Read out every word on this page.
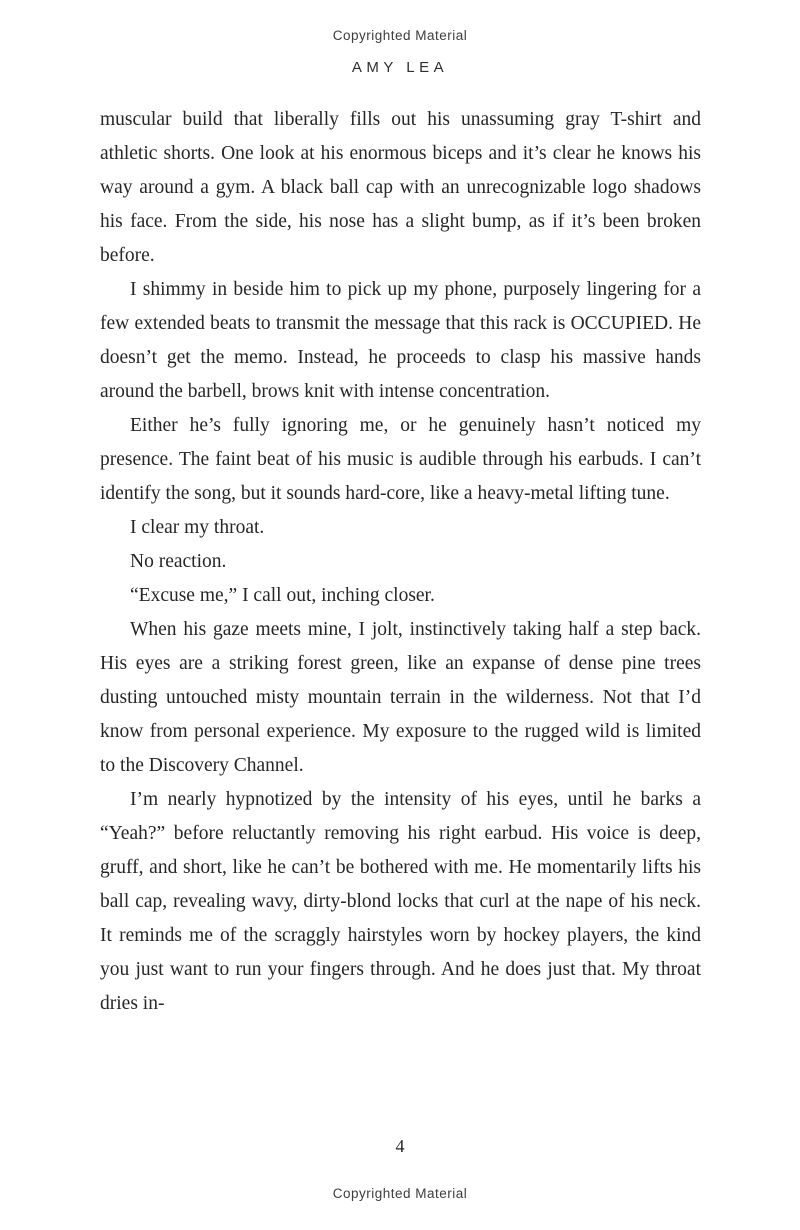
Copyrighted Material
AMY LEA

muscular build that liberally fills out his unassuming gray T-shirt and athletic shorts. One look at his enormous biceps and it’s clear he knows his way around a gym. A black ball cap with an unrecognizable logo shadows his face. From the side, his nose has a slight bump, as if it’s been broken before.

I shimmy in beside him to pick up my phone, purposely lingering for a few extended beats to transmit the message that this rack is OCCUPIED. He doesn’t get the memo. Instead, he proceeds to clasp his massive hands around the barbell, brows knit with intense concentration.

Either he’s fully ignoring me, or he genuinely hasn’t noticed my presence. The faint beat of his music is audible through his earbuds. I can’t identify the song, but it sounds hard-core, like a heavy-metal lifting tune.

I clear my throat.

No reaction.

“Excuse me,” I call out, inching closer.

When his gaze meets mine, I jolt, instinctively taking half a step back. His eyes are a striking forest green, like an expanse of dense pine trees dusting untouched misty mountain terrain in the wilderness. Not that I’d know from personal experience. My exposure to the rugged wild is limited to the Discovery Channel.

I’m nearly hypnotized by the intensity of his eyes, until he barks a “Yeah?” before reluctantly removing his right earbud. His voice is deep, gruff, and short, like he can’t be bothered with me. He momentarily lifts his ball cap, revealing wavy, dirty-blond locks that curl at the nape of his neck. It reminds me of the scraggly hairstyles worn by hockey players, the kind you just want to run your fingers through. And he does just that. My throat dries in-

4
Copyrighted Material
